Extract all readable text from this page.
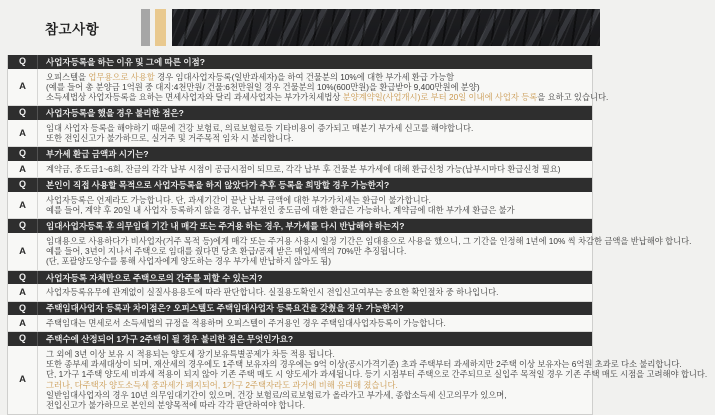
참고사항
Q	사업자등록을 하는 이유 및 그에 따른 이점?
A
오피스텔을 업무용으로 사용할 경우 임대사업자등록(일반과세자)을 하여 건물분의 10%에 대한 부가세 환급 가능함
(예를 들어 총 분양금 1억원 중 대지:4천만원/ 건물:6천만원일 경우 건물분의 10%(600만원)을 환급받아 9,400만원에 분양)
소득세법상 사업자등록을 요하는 면세사업자와 달리 과세사업자는 부가가치세법상 분양계약일(사업개시)로 부터 20일 이내에 사업자 등록을 요하고 있습니다.
Q	사업자등록을 했을 경우 불리한 점은?
A	임대 사업자 등록을 해야하기 때문에 건강 보험료, 의료보험료등 기타비용이 증가되고 매분기 부가세 신고를 해야합니다.
또한 전입신고가 불가하므로, 실거주 및 거주목적 임차 시 불리합니다.
Q	부가세 환급 금액과 시기는?
A	계약금, 중도금1~6회, 잔금의 각각 납부 시점이 공급시점이 되므로, 각각 납부 후 건물분 부가세에 대해 환급신청 가능(납부시마다 환급신청 필요)
Q	본인이 직접 사용할 목적으로 사업자등록을 하지 않았다가 추후 등록을 희망할 경우 가능한지?
A	사업자등록은 언제라도 가능합니다. 단, 과세기간이 끝난 납부 금액에 대한 부가가치세는 환급이 불가합니다.
예를 들어, 계약 후 20일 내 사업자 등록하지 않을 경우, 납부전인 중도금에 대한 환급은 가능하나, 계약금에 대한 부가세 환급은 불가
Q	임대사업자등록 후 의무임대 기간 내 매각 또는 주거용 하는 경우, 부가세를 다시 반납해야 하는지?
A
임대용으로 사용하다가 비사업자(거주 목적 등)에게 매각 또는 주거용 사용시 일정 기간은 임대용으로 사용을 했으니, 그 기간을 인정해 1년에 10% 씩 차감한 금액을 반납해야 합니다.
예를 들어, 3년이 지나서 주택으로 임대를 줬다면 당초 환급/공제 받은 매입세액의 70%만 추징됩니다.
(단, 포괄양도양수를 통해 사업자에게 양도하는 경우 부가세 반납하지 않아도 됨)
Q	사업자등록 자체만으로 주택으로의 간주를 피할 수 있는지?
A	사업자등록유무에 관계없이 실질사용용도에 따라 판단합니다. 실질용도확인시 전입신고여부는 중요한 확인절차 중 하나입니다.
Q	주택임대사업자 등록과 차이점은? 오피스텔도 주택임대사업자 등록요건을 갖췄을 경우 가능한지?
A	주택임대는 면세로서 소득세법의 규정을 적용하며 오피스텔이 주거용인 경우 주택임대사업자등록이 가능합니다.
Q	주택수에 산정되어 1가구 2주택이 될 경우 불리한 점은 무엇인가요?
A
그 외에 3년 이상 보유 시 적용되는 양도세 장기보유특별공제가 차등 적용 됩니다.
또한 종부세 과세대상이 되며, 재산세의 경우에도 1주택 보유자의 경우에는 9억 이상(공시가격기준) 초과 주택부터 과세하지만 2주택 이상 보유자는 6억원 초과로 다소 불리합니다.
단, 1가구 1주택 양도세 비과세 적용이 되지 않아 기존 주택 매도 시 양도세가 과세됩니다. 등기 시점부터 주택으로 간주되므로 실입주 목적일 경우 기존 주택 매도 시점을 고려해야 합니다.
그러나, 다주택자 양도소득세 중과세가 폐지되어, 1가구 2주택자라도 과거에 비해 유리해 졌습니다.
일반임대사업자의 경우 10년 의무임대기간이 있으며, 건강 보험료/의료보험료가 올라가고 부가세, 종합소득세 신고의무가 있으며,
전입신고가 불가하므로 본인의 분양목적에 따라 각각 판단하여야 합니다.
